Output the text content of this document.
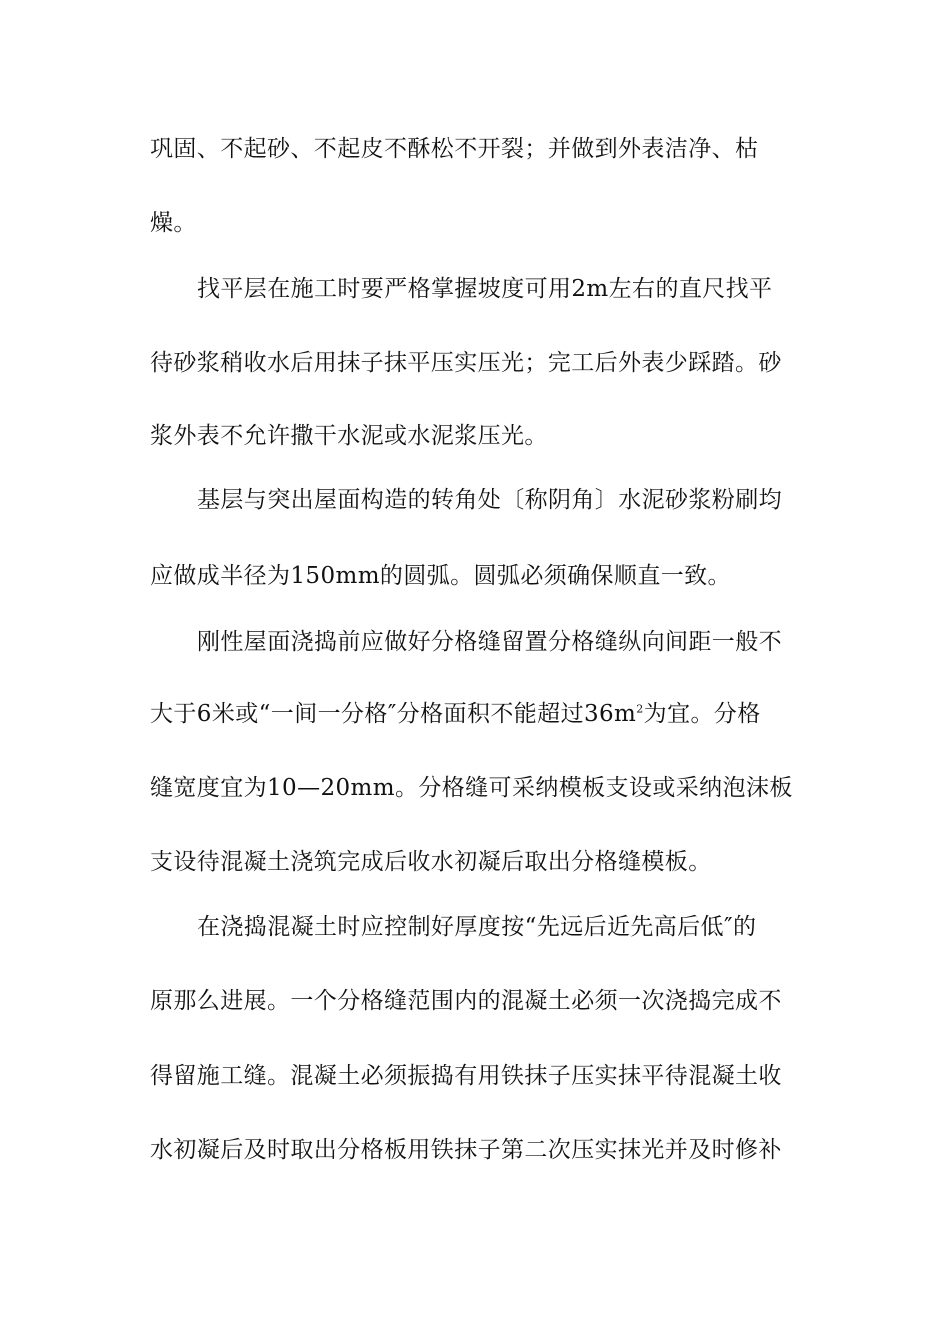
巩固、不起砂、不起皮不酥松不开裂；并做到外表洁净、枯
燥。
找平层在施工时要严格掌握坡度可用2m左右的直尺找平
待砂浆稍收水后用抹子抹平压实压光；完工后外表少踩踏。砂
浆外表不允许撒干水泥或水泥浆压光。
基层与突出屋面构造的转角处〔称阴角〕水泥砂浆粉刷均
应做成半径为150mm的圆弧。圆弧必须确保顺直一致。
刚性屋面浇捣前应做好分格缝留置分格缝纵向间距一般不
大于6米或“一间一分格″分格面积不能超过$36m^2$为宜。分格
缝宽度宜为10—20mm。分格缝可采纳模板支设或采纳泡沫板
支设待混凝土浇筑完成后收水初凝后取出分格缝模板。
在浇捣混凝土时应控制好厚度按“先远后近先高后低″的
原那么进展。一个分格缝范围内的混凝土必须一次浇捣完成不
得留施工缝。混凝土必须振捣有用铁抹子压实抹平待混凝土收
水初凝后及时取出分格板用铁抹子第二次压实抹光并及时修补
